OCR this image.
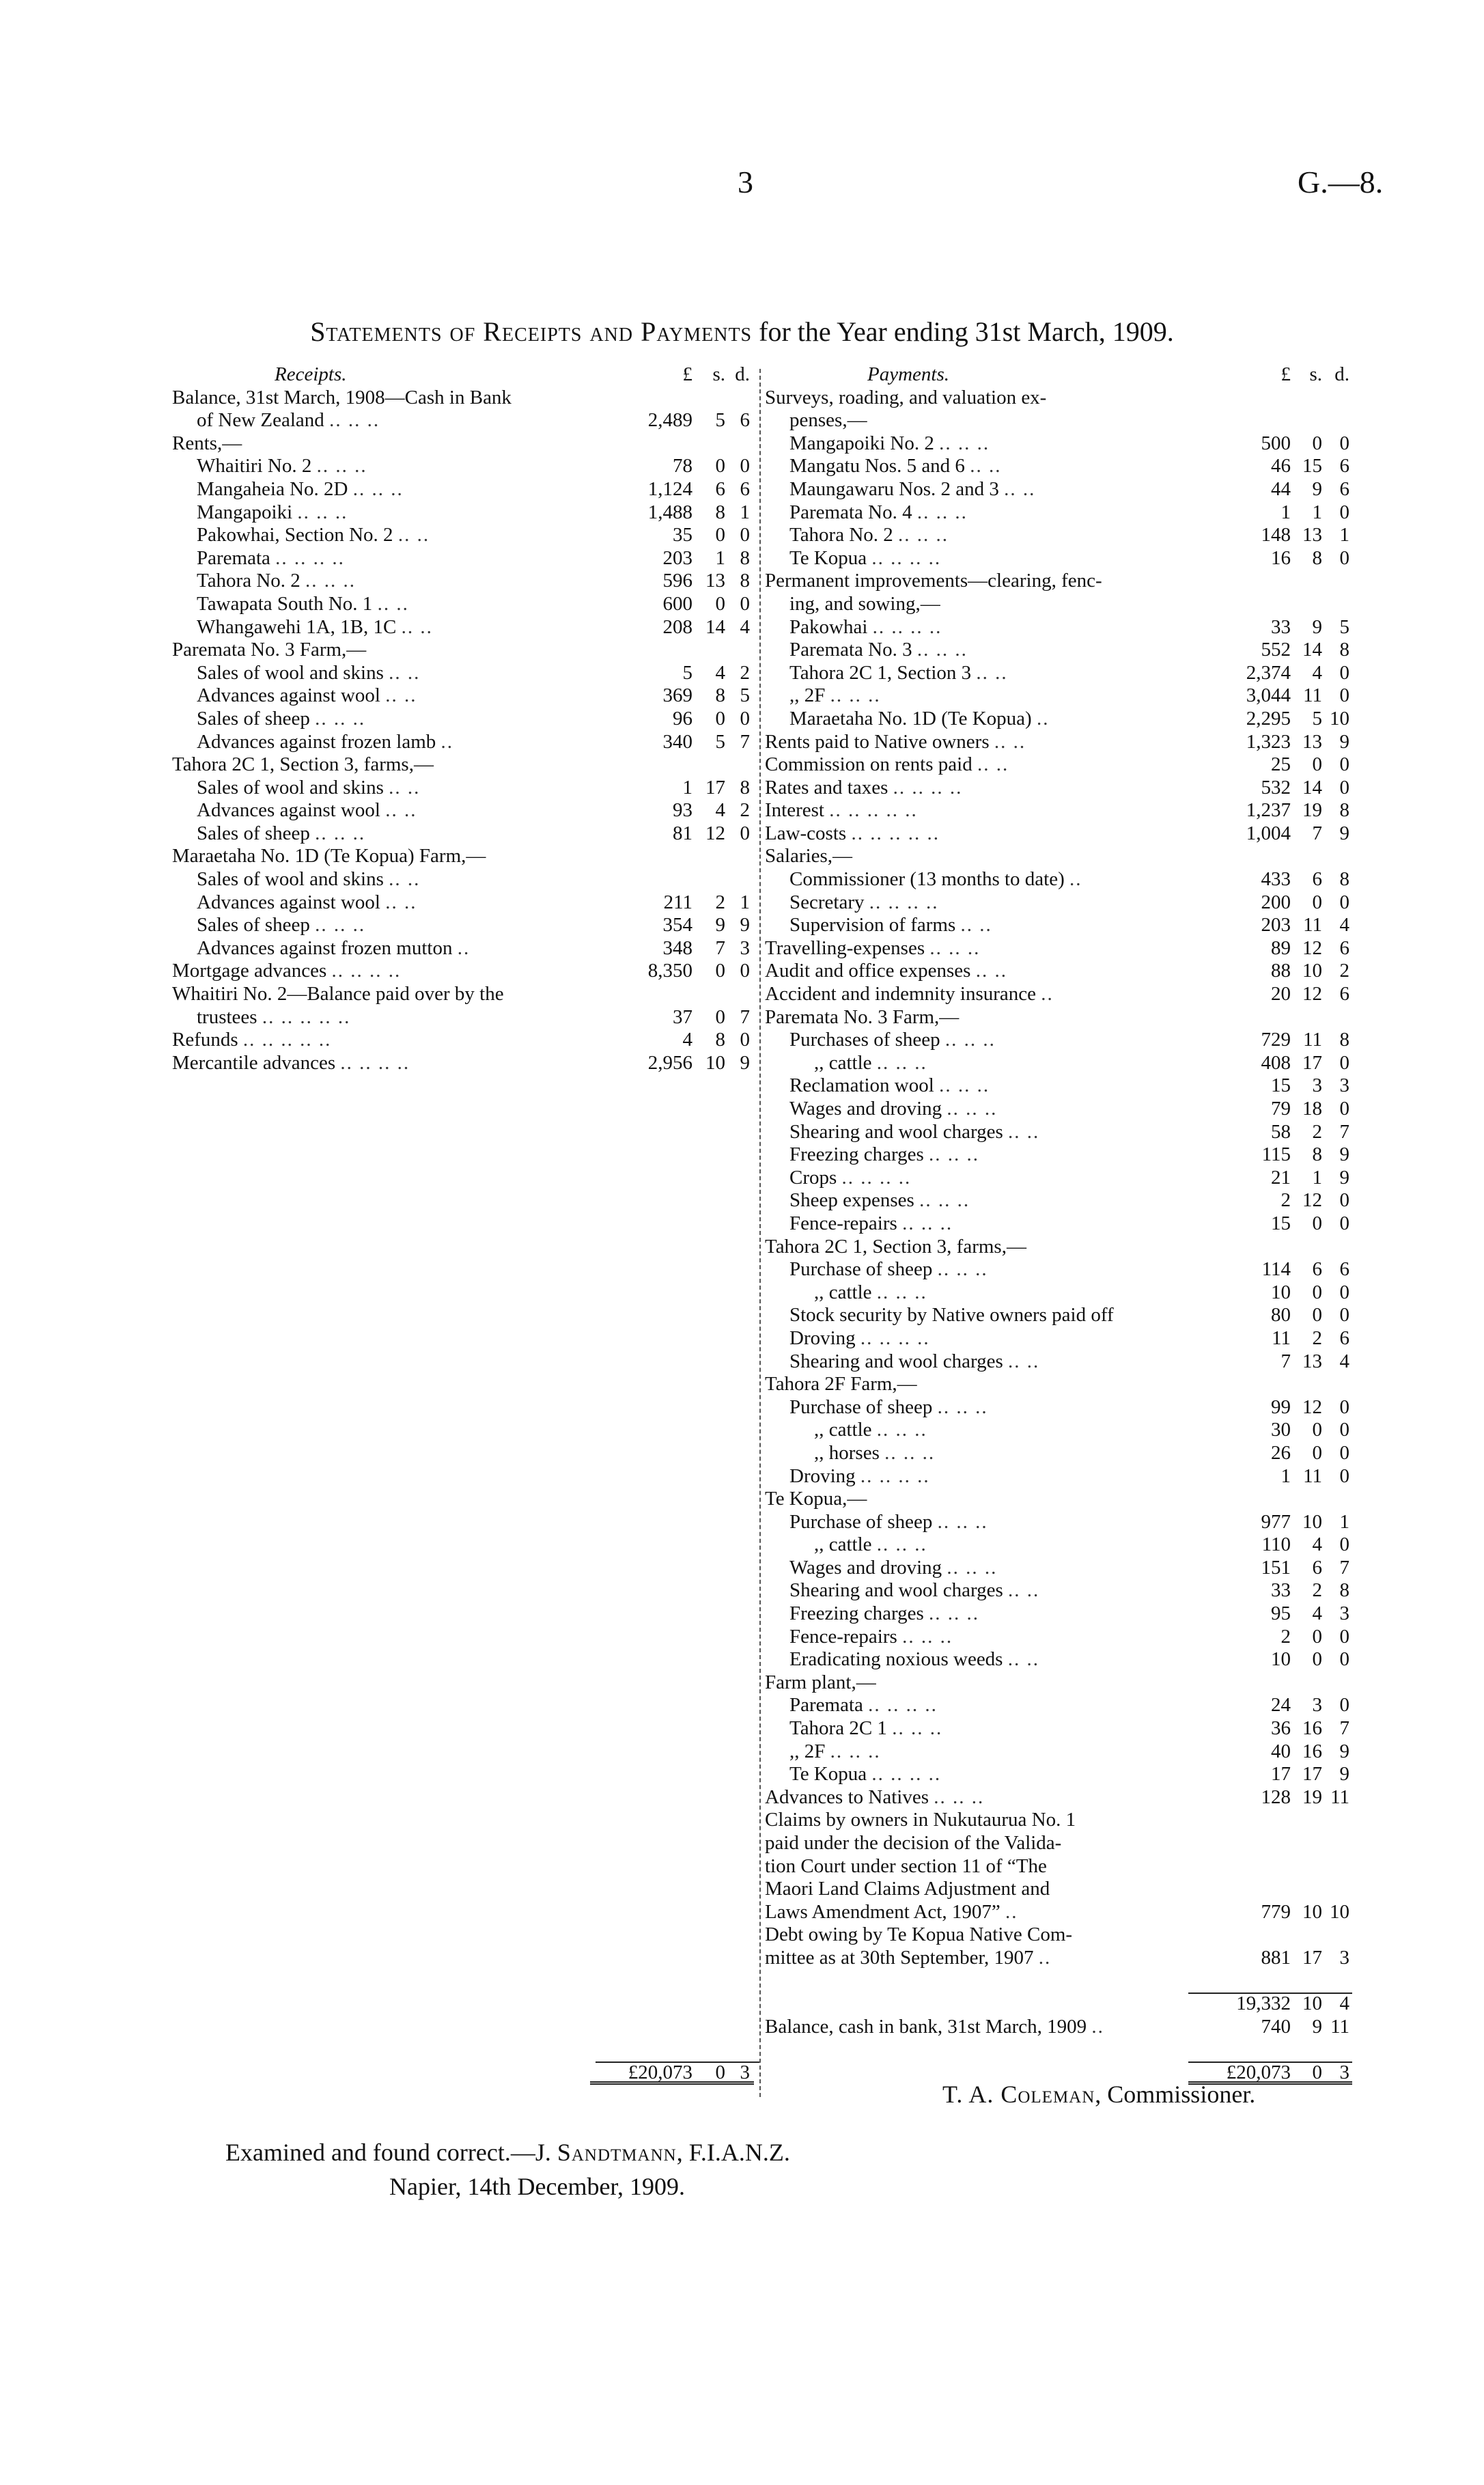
3	G.—8.
Statements of Receipts and Payments for the Year ending 31st March, 1909.
Receipts.	£	s. d.
Balance, 31st March, 1908—Cash in Bank
of New Zealand .. .. ..	2,489	5 6
Rents,—
Whaitiri No. 2 .. .. ..	78	0 0
Mangaheia No. 2D .. .. ..	1,124	6 6
Mangapoiki .. .. ..	1,488	8 1
Pakowhai, Section No. 2 .. ..	35	0 0
Paremata .. .. .. ..	203	1 8
Tahora No. 2 .. .. ..	596 13 8
Tawapata South No. 1 .. ..	600	0 0
Whangawehi 1A, 1B, 1C .. ..	208 14 4
Paremata No. 3 Farm,—
Sales of wool and skins .. ..	5	4 2
Advances against wool .. ..	369	8 5
Sales of sheep .. .. ..	96	0 0
Advances against frozen lamb ..	340	5 7
Tahora 2C 1, Section 3, farms,—
Sales of wool and skins .. ..	1 17 8
Advances against wool .. ..	93	4 2
Sales of sheep .. .. ..	81 12 0
Maraetaha No. 1D (Te Kopua) Farm,—
Sales of wool and skins .. ..
Advances against wool .. ..	211	2 1
Sales of sheep .. .. ..	354	9 9
Advances against frozen mutton ..	348	7 3
Mortgage advances .. .. .. ..	8,350	0 0
Whaitiri No. 2—Balance paid over by the
trustees .. .. .. .. ..	37	0 7
Refunds .. .. .. .. ..	4	8 0
Mercantile advances .. .. .. ..	2,956 10 9
£20,073	0 3
Payments.	£ s. d.
Surveys, roading, and valuation ex-
penses,—
Mangapoiki No. 2 .. .. ..	500	0 0
Mangatu Nos. 5 and 6 .. ..	46 15 6
Maungawaru Nos. 2 and 3 .. ..	44	9 6
Paremata No. 4 .. .. ..	1	1 0
Tahora No. 2 .. .. ..	148 13 1
Te Kopua .. .. .. ..	16	8 0
Permanent improvements—clearing, fenc-
ing, and sowing,—
Pakowhai .. .. .. ..	33	9 5
Paremata No. 3 .. .. ..	552 14 8
Tahora 2C 1, Section 3 .. ..	2,374	4 0
,, 2F .. .. ..	3,044 11 0
Maraetaha No. 1D (Te Kopua) ..	2,295	5 10
Rents paid to Native owners .. ..	1,323 13 9
Commission on rents paid .. ..	25	0 0
Rates and taxes .. .. .. ..	532 14 0
Interest .. .. .. .. ..	1,237 19 8
Law-costs .. .. .. .. ..	1,004	7 9
Salaries,—
Commissioner (13 months to date) ..	433	6 8
Secretary .. .. .. ..	200	0 0
Supervision of farms .. ..	203 11 4
Travelling-expenses .. .. ..	89 12 6
Audit and office expenses .. ..	88 10 2
Accident and indemnity insurance ..	20 12 6
Paremata No. 3 Farm,—
Purchases of sheep .. .. ..	729 11 8
,, cattle .. .. ..	408 17 0
Reclamation wool .. .. ..	15	3 3
Wages and droving .. .. ..	79 18 0
Shearing and wool charges .. ..	58	2 7
Freezing charges .. .. ..	115	8 9
Crops .. .. .. ..	21	1 9
Sheep expenses .. .. ..	2 12 0
Fence-repairs .. .. ..	15	0 0
Tahora 2C 1, Section 3, farms,—
Purchase of sheep .. .. ..	114	6 6
,, cattle .. .. ..	10	0 0
Stock security by Native owners paid off	80	0 0
Droving .. .. .. ..	11	2 6
Shearing and wool charges .. ..	7 13 4
Tahora 2F Farm,—
Purchase of sheep .. .. ..	99 12 0
,, cattle .. .. ..	30	0 0
,, horses .. .. ..	26	0 0
Droving .. .. .. ..	1 11 0
Te Kopua,—
Purchase of sheep .. .. ..	977 10 1
,, cattle .. .. ..	110	4 0
Wages and droving .. .. ..	151	6 7
Shearing and wool charges .. ..	33	2 8
Freezing charges .. .. ..	95	4 3
Fence-repairs .. .. ..	2	0 0
Eradicating noxious weeds .. ..	10	0 0
Farm plant,—
Paremata .. .. .. ..	24	3 0
Tahora 2C 1 .. .. ..	36 16 7
,, 2F .. .. ..	40 16 9
Te Kopua .. .. .. ..	17 17 9
Advances to Natives .. .. ..	128 19 11
Claims by owners in Nukutaurua No. 1
paid under the decision of the Valida-
tion Court under section 11 of “The
Maori Land Claims Adjustment and
Laws Amendment Act, 1907” ..	779 10 10
Debt owing by Te Kopua Native Com-
mittee as at 30th September, 1907 ..	881 17 3
19,332 10 4
Balance, cash in bank, 31st March, 1909 ..	740	9 11
£20,073	0 3
T. A. Coleman, Commissioner.
Examined and found correct.—J. Sandtmann, F.I.A.N.Z.
Napier, 14th December, 1909.
